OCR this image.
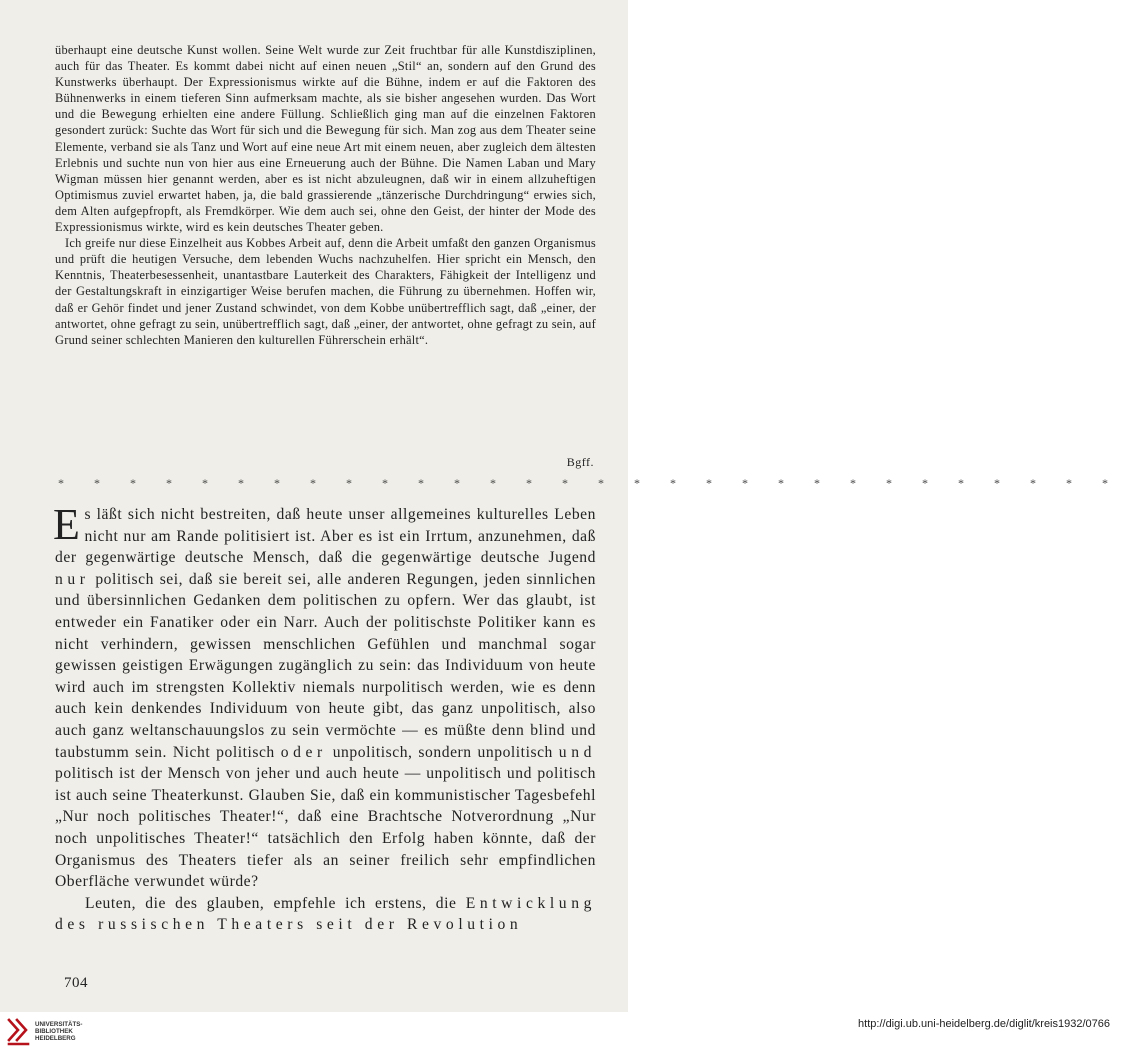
überhaupt eine deutsche Kunst wollen. Seine Welt wurde zur Zeit fruchtbar für alle Kunstdisziplinen, auch für das Theater. Es kommt dabei nicht auf einen neuen „Stil“ an, sondern auf den Grund des Kunstwerks überhaupt. Der Expressionismus wirkte auf die Bühne, indem er auf die Faktoren des Bühnenwerks in einem tieferen Sinn aufmerksam machte, als sie bisher angesehen wurden. Das Wort und die Bewegung erhielten eine andere Füllung. Schließlich ging man auf die einzelnen Faktoren gesondert zurück: Suchte das Wort für sich und die Bewegung für sich. Man zog aus dem Theater seine Elemente, verband sie als Tanz und Wort auf eine neue Art mit einem neuen, aber zugleich dem ältesten Erlebnis und suchte nun von hier aus eine Erneuerung auch der Bühne. Die Namen Laban und Mary Wigman müssen hier genannt werden, aber es ist nicht abzuleugnen, daß wir in einem allzuheftigen Optimismus zuviel erwartet haben, ja, die bald grassierende „tänzerische Durchdringung“ erwies sich, dem Alten aufgepfropft, als Fremdkörper. Wie dem auch sei, ohne den Geist, der hinter der Mode des Expressionismus wirkte, wird es kein deutsches Theater geben.

Ich greife nur diese Einzelheit aus Kobbes Arbeit auf, denn die Arbeit umfaßt den ganzen Organismus und prüft die heutigen Versuche, dem lebenden Wuchs nachzuhelfen. Hier spricht ein Mensch, den Kenntnis, Theaterbesessenheit, unantastbare Lauterkeit des Charakters, Fähigkeit der Intelligenz und der Gestaltungskraft in einzigartiger Weise berufen machen, die Führung zu übernehmen. Hoffen wir, daß er Gehör findet und jener Zustand schwindet, von dem Kobbe unübertrefflich sagt, daß „einer, der antwortet, ohne gefragt zu sein, unübertrefflich sagt, daß „einer, der antwortet, ohne gefragt zu sein, auf Grund seiner schlechten Manieren den kulturellen Führerschein erhält“.

Bgff.
* * * * * * * * * * * * * * * * * * * * * * * * * * * * * *

Es läßt sich nicht bestreiten, daß heute unser allgemeines kulturelles Leben nicht nur am Rande politisiert ist. Aber es ist ein Irrtum, anzunehmen, daß der gegenwärtige deutsche Mensch, daß die gegenwärtige deutsche Jugend nur politisch sei, daß sie bereit sei, alle anderen Regungen, jeden sinnlichen und übersinnlichen Gedanken dem politischen zu opfern. Wer das glaubt, ist entweder ein Fanatiker oder ein Narr. Auch der politischste Politiker kann es nicht verhindern, gewissen menschlichen Gefühlen und manchmal sogar gewissen geistigen Erwägungen zugänglich zu sein: das Individuum von heute wird auch im strengsten Kollektiv niemals nurpolitisch werden, wie es denn auch kein denkendes Individuum von heute gibt, das ganz unpolitisch, also auch ganz weltanschauungslos zu sein vermöchte — es müßte denn blind und taubstumm sein. Nicht politisch oder unpolitisch, sondern unpolitisch und politisch ist der Mensch von jeher und auch heute — unpolitisch und politisch ist auch seine Theaterkunst. Glauben Sie, daß ein kommunistischer Tagesbefehl „Nur noch politisches Theater!“, daß eine Brachtsche Notverordnung „Nur noch unpolitisches Theater!“ tatsächlich den Erfolg haben könnte, daß der Organismus des Theaters tiefer als an seiner freilich sehr empfindlichen Oberfläche verwundet würde?

Leuten, die des glauben, empfehle ich erstens, die Entwicklung des russischen Theaters seit der Revolution

704
UNIVERSITÄTS-
BIBLIOTHEK
HEIDELBERG
http://digi.ub.uni-heidelberg.de/diglit/kreis1932/0766
